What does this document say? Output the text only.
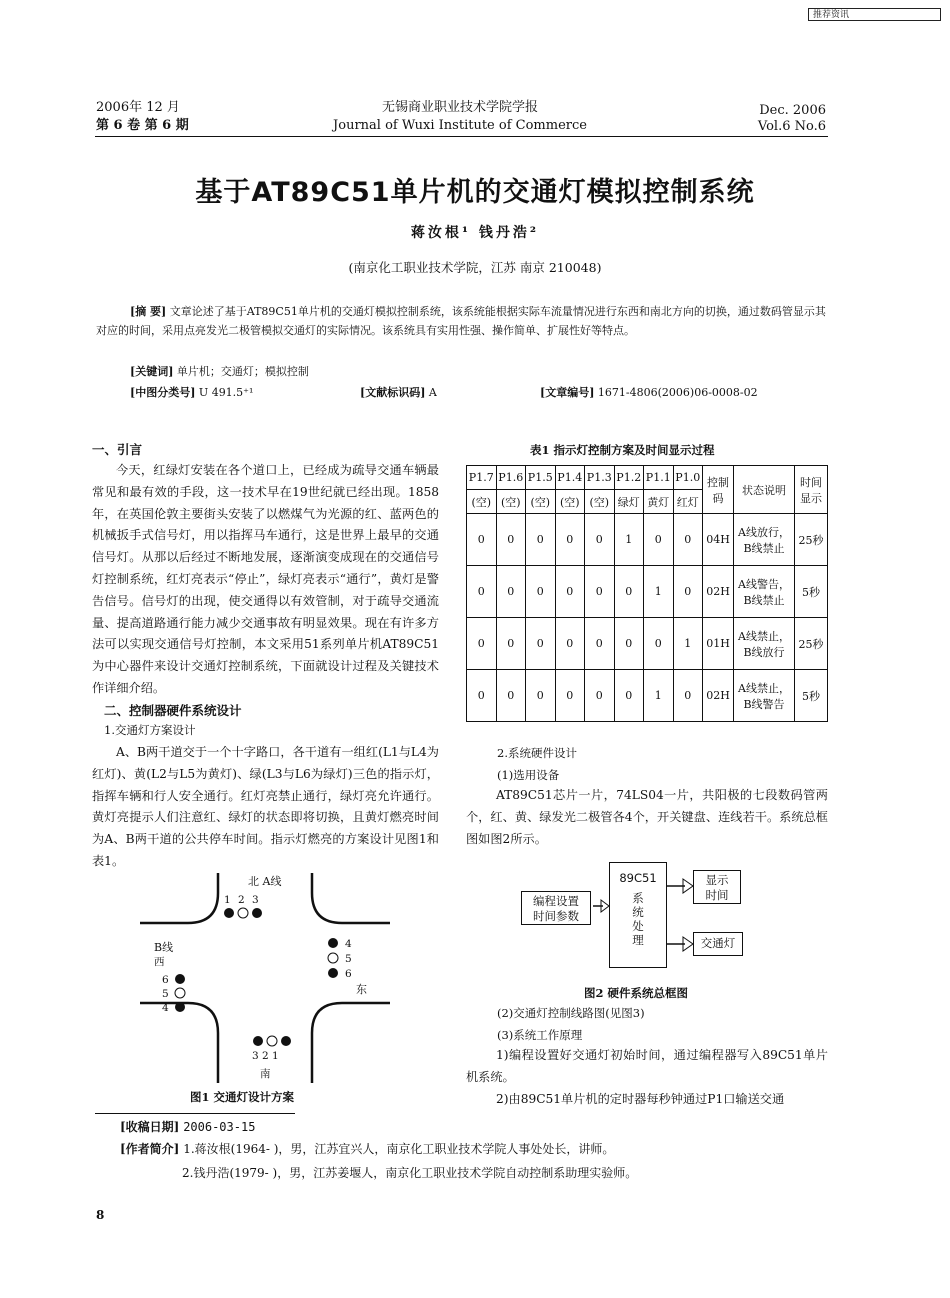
推荐资讯
2006年 12 月
第 6 卷 第 6 期
无锡商业职业技术学院学报
Journal of Wuxi Institute of Commerce
Dec. 2006
Vol.6 No.6
基于AT89C51单片机的交通灯模拟控制系统
蒋汝根¹ 钱丹浩²
(南京化工职业技术学院，江苏 南京 210048)
[摘 要] 文章论述了基于AT89C51单片机的交通灯模拟控制系统，该系统能根据实际车流量情况进行东西和南北方向的切换，通过数码管显示其对应的时间，采用点亮发光二极管模拟交通灯的实际情况。该系统具有实用性强、操作简单、扩展性好等特点。
[关键词] 单片机；交通灯；模拟控制
[中图分类号] U 491.5⁺¹	[文献标识码] A	[文章编号] 1671-4806(2006)06-0008-02
一、引言
今天，红绿灯安装在各个道口上，已经成为疏导交通车辆最常见和最有效的手段，这一技术早在19世纪就已经出现。1858年，在英国伦敦主要街头安装了以燃煤气为光源的红、蓝两色的机械扳手式信号灯，用以指挥马车通行，这是世界上最早的交通信号灯。从那以后经过不断地发展，逐渐演变成现在的交通信号灯控制系统，红灯亮表示“停止”，绿灯亮表示“通行”，黄灯是警告信号。信号灯的出现，使交通得以有效管制，对于疏导交通流量、提高道路通行能力减少交通事故有明显效果。现在有许多方法可以实现交通信号灯控制，本文采用51系列单片机AT89C51为中心器件来设计交通灯控制系统，下面就设计过程及关键技术作详细介绍。
二、控制器硬件系统设计
1.交通灯方案设计
A、B两干道交于一个十字路口，各干道有一组红(L1与L4为红灯)、黄(L2与L5为黄灯)、绿(L3与L6为绿灯)三色的指示灯，指挥车辆和行人安全通行。红灯亮禁止通行，绿灯亮允许通行。黄灯亮提示人们注意红、绿灯的状态即将切换，且黄灯燃亮时间为A、B两干道的公共停车时间。指示灯燃亮的方案设计见图1和表1。
北 A线
1 2 3
B线
西
6
5
4
4
5
6
东
3 2 1
南
图1 交通灯设计方案
表1 指示灯控制方案及时间显示过程
P1.7	P1.6	P1.5	P1.4	P1.3	P1.2	P1.1	P1.0	控制码	状态说明	时间显示
(空)	(空)	(空)	(空)	(空)	绿灯	黄灯	红灯			
0	0	0	0	0	1	0	0	04H	A线放行，B线禁止	25秒
0	0	0	0	0	0	1	0	02H	A线警告，B线禁止	5秒
0	0	0	0	0	0	0	1	01H	A线禁止，B线放行	25秒
0	0	0	0	0	0	1	0	02H	A线禁止，B线警告	5秒
2.系统硬件设计
(1)选用设备
AT89C51芯片一片，74LS04一片，共阳极的七段数码管两个，红、黄、绿发光二极管各4个，开关键盘、连线若干。系统总框图如图2所示。
编程设置
时间参数
89C51
系
统
处
理
显示
时间
交通灯
图2 硬件系统总框图
(2)交通灯控制线路图(见图3)
(3)系统工作原理
1)编程设置好交通灯初始时间，通过编程器写入89C51单片机系统。
2)由89C51单片机的定时器每秒钟通过P1口输送交通
[收稿日期] 2006-03-15
[作者简介] 1.蒋汝根(1964- )，男，江苏宜兴人，南京化工职业技术学院人事处处长，讲师。
2.钱丹浩(1979- )，男，江苏姜堰人，南京化工职业技术学院自动控制系助理实验师。
8
